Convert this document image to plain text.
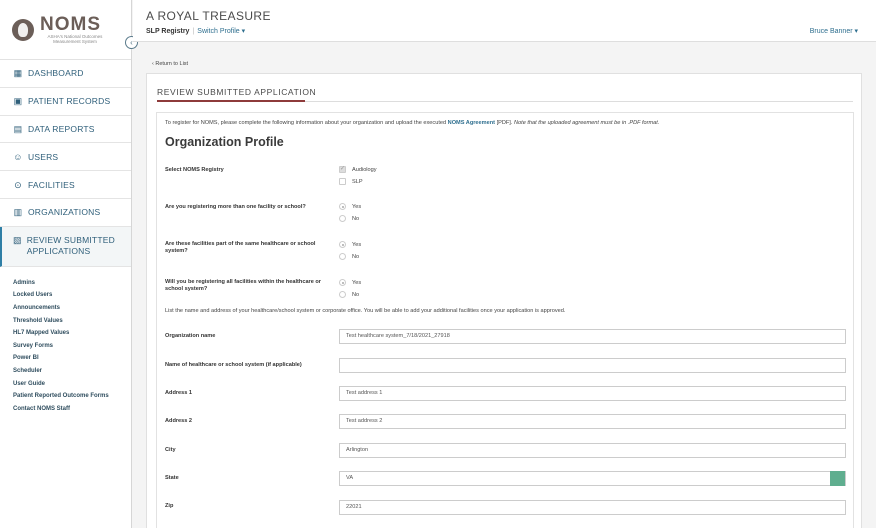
NOMS
ASHA's National Outcomes Measurement System	‹
▦ DASHBOARD
▣ PATIENT RECORDS
▤ DATA REPORTS
☺ USERS
⊙ FACILITIES
▥ ORGANIZATIONS
▧ REVIEW SUBMITTED APPLICATIONS
Admins
Locked Users
Announcements
Threshold Values
HL7 Mapped Values
Survey Forms
Power BI
Scheduler
User Guide
Patient Reported Outcome Forms
Contact NOMS Staff
A ROYAL TREASURE
SLP Registry | Switch Profile ▾	Bruce Banner ▾
‹ Return to List
REVIEW SUBMITTED APPLICATION
To register for NOMS, please complete the following information about your organization and upload the executed NOMS Agreement [PDF]. Note that the uploaded agreement must be in .PDF format.
Organization Profile
Select NOMS Registry
✓	Audiology
SLP
Are you registering more than one facility or school?	Yes
No
Are these facilities part of the same healthcare or school system?
Yes
No
Will you be registering all facilities within the healthcare or school system?
Yes
No
List the name and address of your healthcare/school system or corporate office. You will be able to add your additional facilities once your application is approved.
Organization name	Test healthcare system_7/18/2021_27918
Name of healthcare or school system (if applicable)
Address 1	Test address 1
Address 2	Test address 2
City	Arlington
State	VA
Zip	22021
